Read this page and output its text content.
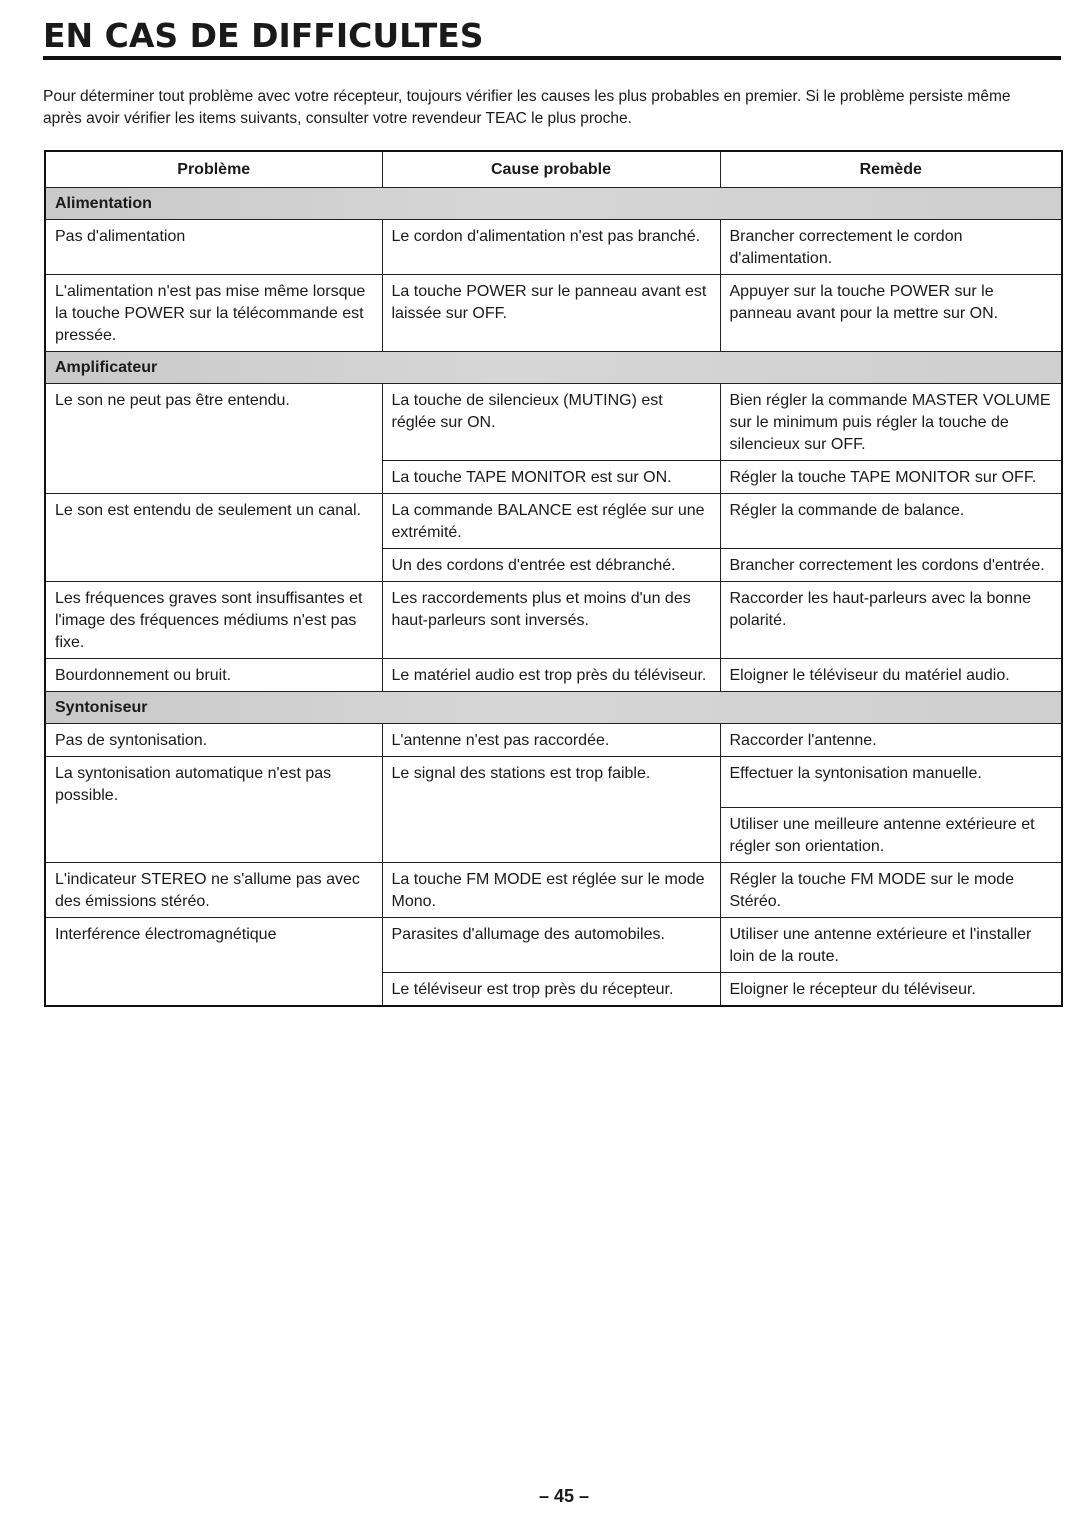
EN CAS DE DIFFICULTES

Pour déterminer tout problème avec votre récepteur, toujours vérifier les causes les plus probables en premier. Si le problème persiste même après avoir vérifier les items suivants, consulter votre revendeur TEAC le plus proche.

Problème	Cause probable	Remède
Alimentation		
Pas d'alimentation	Le cordon d'alimentation n'est pas branché.	Brancher correctement le cordon d'alimentation.
L'alimentation n'est pas mise même lorsque la touche POWER sur la télécommande est pressée.	La touche POWER sur le panneau avant est laissée sur OFF.	Appuyer sur la touche POWER sur le panneau avant pour la mettre sur ON.
Amplificateur		
Le son ne peut pas être entendu.	La touche de silencieux (MUTING) est réglée sur ON.	Bien régler la commande MASTER VOLUME sur le minimum puis régler la touche de silencieux sur OFF.
	La touche TAPE MONITOR est sur ON.	Régler la touche TAPE MONITOR sur OFF.
Le son est entendu de seulement un canal.	La commande BALANCE est réglée sur une extrémité.	Régler la commande de balance.
	Un des cordons d'entrée est débranché.	Brancher correctement les cordons d'entrée.
Les fréquences graves sont insuffisantes et l'image des fréquences médiums n'est pas fixe.	Les raccordements plus et moins d'un des haut-parleurs sont inversés.	Raccorder les haut-parleurs avec la bonne polarité.
Bourdonnement ou bruit.	Le matériel audio est trop près du téléviseur.	Eloigner le téléviseur du matériel audio.
Syntoniseur		
Pas de syntonisation.	L'antenne n'est pas raccordée.	Raccorder l'antenne.
La syntonisation automatique n'est pas possible.	Le signal des stations est trop faible.	Effectuer la syntonisation manuelle.
		Utiliser une meilleure antenne extérieure et régler son orientation.
L'indicateur STEREO ne s'allume pas avec des émissions stéréo.	La touche FM MODE est réglée sur le mode Mono.	Régler la touche FM MODE sur le mode Stéréo.
Interférence électromagnétique	Parasites d'allumage des automobiles.	Utiliser une antenne extérieure et l'installer loin de la route.
	Le téléviseur est trop près du récepteur.	Eloigner le récepteur du téléviseur.
– 45 –
